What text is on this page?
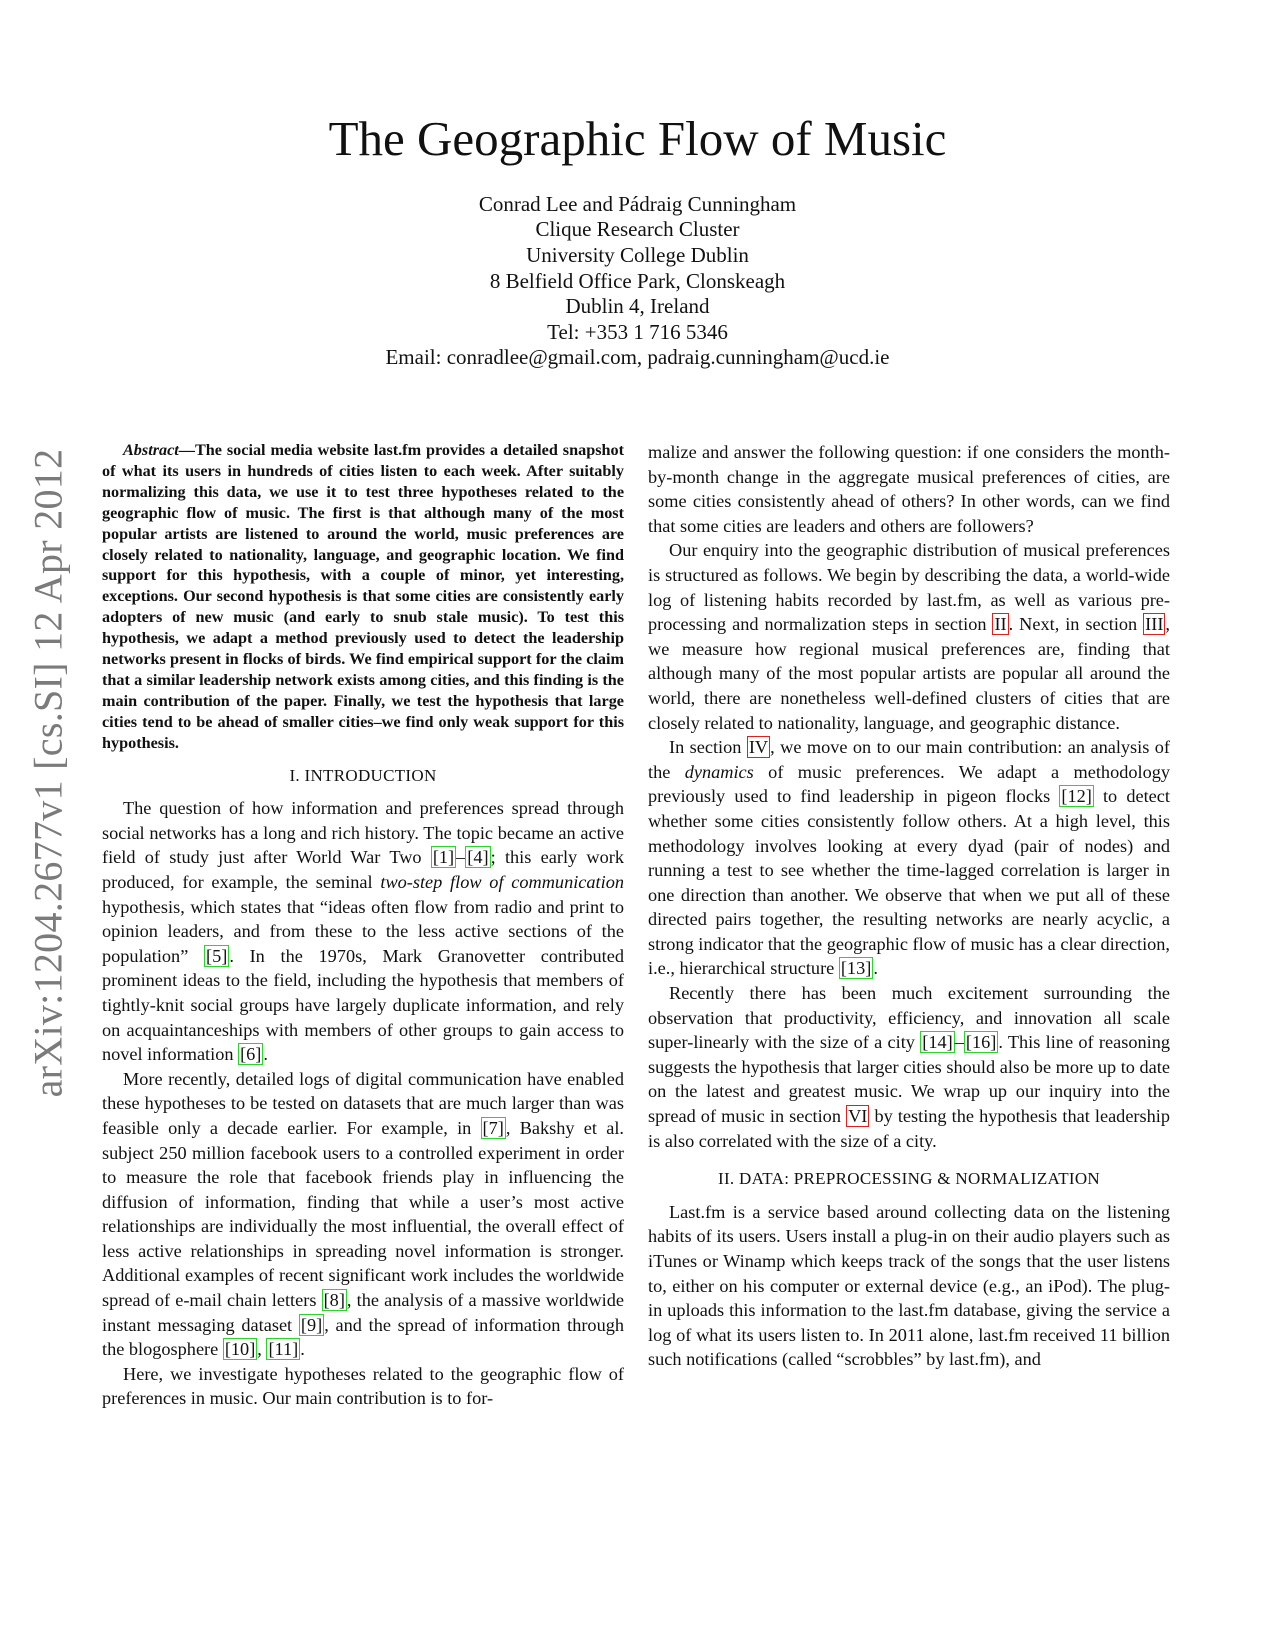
arXiv:1204.2677v1 [cs.SI] 12 Apr 2012
The Geographic Flow of Music
Conrad Lee and Pádraig Cunningham
Clique Research Cluster
University College Dublin
8 Belfield Office Park, Clonskeagh
Dublin 4, Ireland
Tel: +353 1 716 5346
Email: conradlee@gmail.com, padraig.cunningham@ucd.ie

Abstract—The social media website last.fm provides a detailed snapshot of what its users in hundreds of cities listen to each week. After suitably normalizing this data, we use it to test three hypotheses related to the geographic flow of music. The first is that although many of the most popular artists are listened to around the world, music preferences are closely related to nationality, language, and geographic location. We find support for this hypothesis, with a couple of minor, yet interesting, exceptions. Our second hypothesis is that some cities are consistently early adopters of new music (and early to snub stale music). To test this hypothesis, we adapt a method previously used to detect the leadership networks present in flocks of birds. We find empirical support for the claim that a similar leadership network exists among cities, and this finding is the main contribution of the paper. Finally, we test the hypothesis that large cities tend to be ahead of smaller cities–we find only weak support for this hypothesis.

I. INTRODUCTION

The question of how information and preferences spread through social networks has a long and rich history. The topic became an active field of study just after World War Two [1] – [4] ; this early work produced, for example, the seminal two-step flow of communication hypothesis, which states that “ideas often flow from radio and print to opinion leaders, and from these to the less active sections of the population” [5] . In the 1970s, Mark Granovetter contributed prominent ideas to the field, including the hypothesis that members of tightly-knit social groups have largely duplicate information, and rely on acquaintanceships with members of other groups to gain access to novel information [6] .

More recently, detailed logs of digital communication have enabled these hypotheses to be tested on datasets that are much larger than was feasible only a decade earlier. For example, in [7] , Bakshy et al. subject 250 million facebook users to a controlled experiment in order to measure the role that facebook friends play in influencing the diffusion of information, finding that while a user’s most active relationships are individually the most influential, the overall effect of less active relationships in spreading novel information is stronger. Additional examples of recent significant work includes the worldwide spread of e-mail chain letters [8] , the analysis of a massive worldwide instant messaging dataset [9] , and the spread of information through the blogosphere [10] , [11] .

Here, we investigate hypotheses related to the geographic flow of preferences in music. Our main contribution is to for-

malize and answer the following question: if one considers the month-by-month change in the aggregate musical preferences of cities, are some cities consistently ahead of others? In other words, can we find that some cities are leaders and others are followers?

Our enquiry into the geographic distribution of musical preferences is structured as follows. We begin by describing the data, a world-wide log of listening habits recorded by last.fm, as well as various pre-processing and normalization steps in section II . Next, in section III , we measure how regional musical preferences are, finding that although many of the most popular artists are popular all around the world, there are nonetheless well-defined clusters of cities that are closely related to nationality, language, and geographic distance.

In section IV , we move on to our main contribution: an analysis of the dynamics of music preferences. We adapt a methodology previously used to find leadership in pigeon flocks [12] to detect whether some cities consistently follow others. At a high level, this methodology involves looking at every dyad (pair of nodes) and running a test to see whether the time-lagged correlation is larger in one direction than another. We observe that when we put all of these directed pairs together, the resulting networks are nearly acyclic, a strong indicator that the geographic flow of music has a clear direction, i.e., hierarchical structure [13] .

Recently there has been much excitement surrounding the observation that productivity, efficiency, and innovation all scale super-linearly with the size of a city [14] – [16] . This line of reasoning suggests the hypothesis that larger cities should also be more up to date on the latest and greatest music. We wrap up our inquiry into the spread of music in section VI by testing the hypothesis that leadership is also correlated with the size of a city.

II. DATA: PREPROCESSING & NORMALIZATION

Last.fm is a service based around collecting data on the listening habits of its users. Users install a plug-in on their audio players such as iTunes or Winamp which keeps track of the songs that the user listens to, either on his computer or external device (e.g., an iPod). The plug-in uploads this information to the last.fm database, giving the service a log of what its users listen to. In 2011 alone, last.fm received 11 billion such notifications (called “scrobbles” by last.fm), and
